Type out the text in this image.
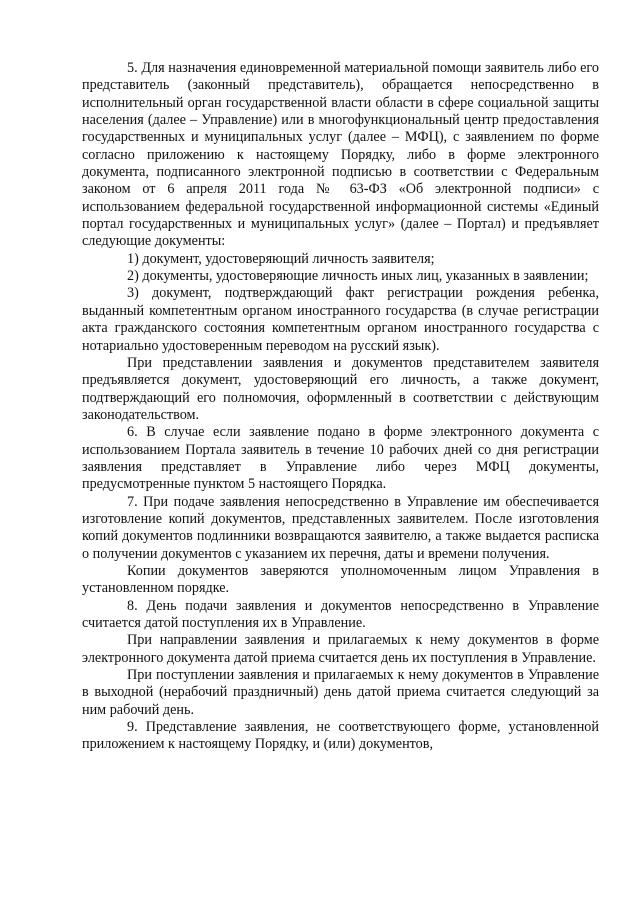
5. Для назначения единовременной материальной помощи заявитель либо его представитель (законный представитель), обращается непосредственно в исполнительный орган государственной власти области в сфере социальной защиты населения (далее – Управление) или в многофункциональный центр предоставления государственных и муниципальных услуг (далее – МФЦ), с заявлением по форме согласно приложению к настоящему Порядку, либо в форме электронного документа, подписанного электронной подписью в соответствии с Федеральным законом от 6 апреля 2011 года № 63-ФЗ «Об электронной подписи» с использованием федеральной государственной информационной системы «Единый портал государственных и муниципальных услуг» (далее – Портал) и предъявляет следующие документы:

1) документ, удостоверяющий личность заявителя;

2) документы, удостоверяющие личность иных лиц, указанных в заявлении;

3) документ, подтверждающий факт регистрации рождения ребенка, выданный компетентным органом иностранного государства (в случае регистрации акта гражданского состояния компетентным органом иностранного государства с нотариально удостоверенным переводом на русский язык).

При представлении заявления и документов представителем заявителя предъявляется документ, удостоверяющий его личность, а также документ, подтверждающий его полномочия, оформленный в соответствии с действующим законодательством.

6. В случае если заявление подано в форме электронного документа с использованием Портала заявитель в течение 10 рабочих дней со дня регистрации заявления представляет в Управление либо через МФЦ документы, предусмотренные пунктом 5 настоящего Порядка.

7. При подаче заявления непосредственно в Управление им обеспечивается изготовление копий документов, представленных заявителем. После изготовления копий документов подлинники возвращаются заявителю, а также выдается расписка о получении документов с указанием их перечня, даты и времени получения.

Копии документов заверяются уполномоченным лицом Управления в установленном порядке.

8. День подачи заявления и документов непосредственно в Управление считается датой поступления их в Управление.

При направлении заявления и прилагаемых к нему документов в форме электронного документа датой приема считается день их поступления в Управление.

При поступлении заявления и прилагаемых к нему документов в Управление в выходной (нерабочий праздничный) день датой приема считается следующий за ним рабочий день.

9. Представление заявления, не соответствующего форме, установленной приложением к настоящему Порядку, и (или) документов,
